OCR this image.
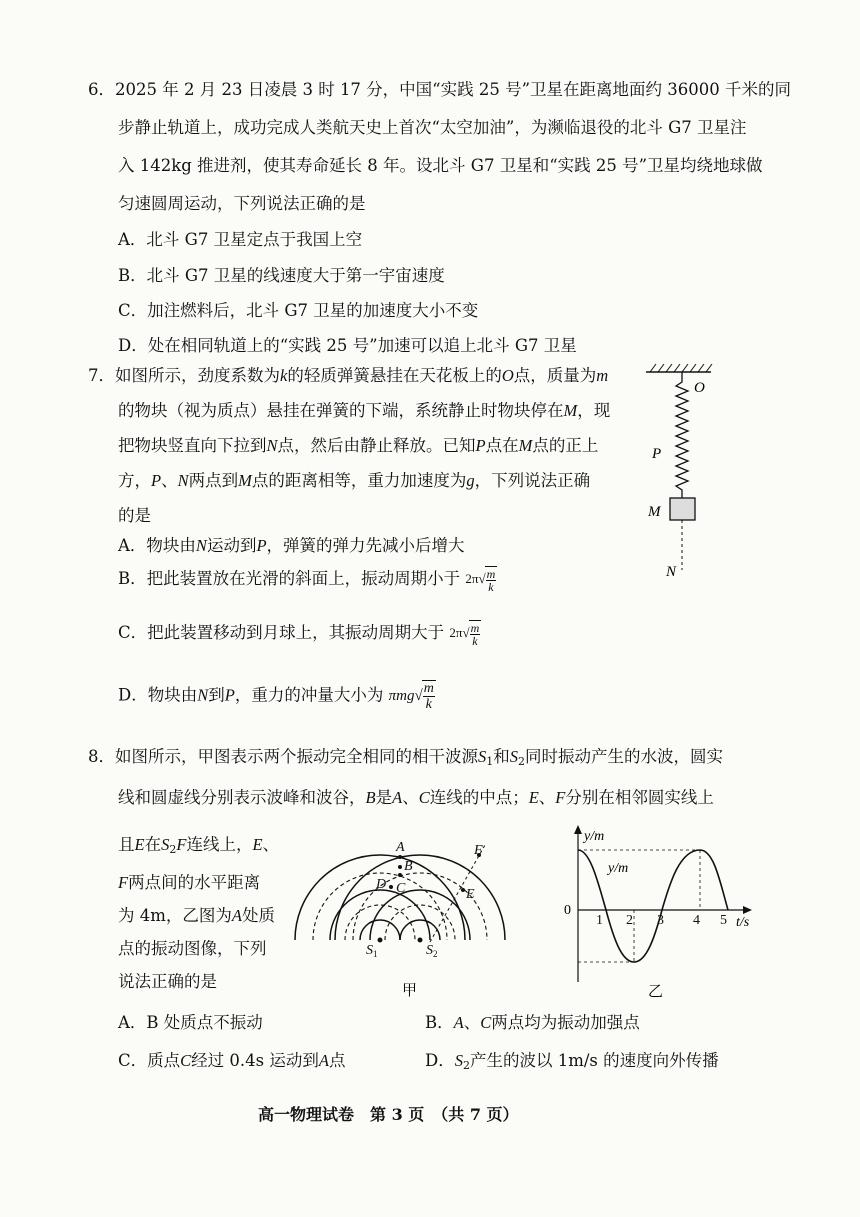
6．2025 年 2 月 23 日凌晨 3 时 17 分，中国“实践 25 号”卫星在距离地面约 36000 千米的同
步静止轨道上，成功完成人类航天史上首次“太空加油”，为濒临退役的北斗 G7 卫星注
入 142kg 推进剂，使其寿命延长 8 年。设北斗 G7 卫星和“实践 25 号”卫星均绕地球做
匀速圆周运动，下列说法正确的是
A．北斗 G7 卫星定点于我国上空
B．北斗 G7 卫星的线速度大于第一宇宙速度
C．加注燃料后，北斗 G7 卫星的加速度大小不变
D．处在相同轨道上的“实践 25 号”加速可以追上北斗 G7 卫星
7．如图所示，劲度系数为k的轻质弹簧悬挂在天花板上的O点，质量为m
的物块（视为质点）悬挂在弹簧的下端，系统静止时物块停在M，现
把物块竖直向下拉到N点，然后由静止释放。已知P点在M点的正上
方，P、N两点到M点的距离相等，重力加速度为g，下列说法正确
的是
A．物块由N运动到P，弹簧的弹力先减小后增大
B．把此装置放在光滑的斜面上，振动周期小于 $2\pi√ \frac{m}{k}$
C．把此装置移动到月球上，其振动周期大于 $2\pi√ \frac{m}{k}$
D．物块由N到P，重力的冲量大小为 $\pi mg√ \frac{m}{k}$
O
P
M
N
8．如图所示，甲图表示两个振动完全相同的相干波源$S_1$和$S_2$同时振动产生的水波，圆实
线和圆虚线分别表示波峰和波谷，B是A、C连线的中点；E、F分别在相邻圆实线上
且E在$S_2F$连线上，E、
F两点间的水平距离
为 4m，乙图为A处质
点的振动图像，下列
说法正确的是
A
B
C
D
E
F
$S_1$	$S_2$
甲
y/m
y/m
0
t/s
1 2 3 4 5
乙
A．B 处质点不振动	B．A、C两点均为振动加强点
C．质点C经过 0.4s 运动到A点	D．$S_2$产生的波以 1m/s 的速度向外传播
高一物理试卷　第 3 页　（共 7 页）
